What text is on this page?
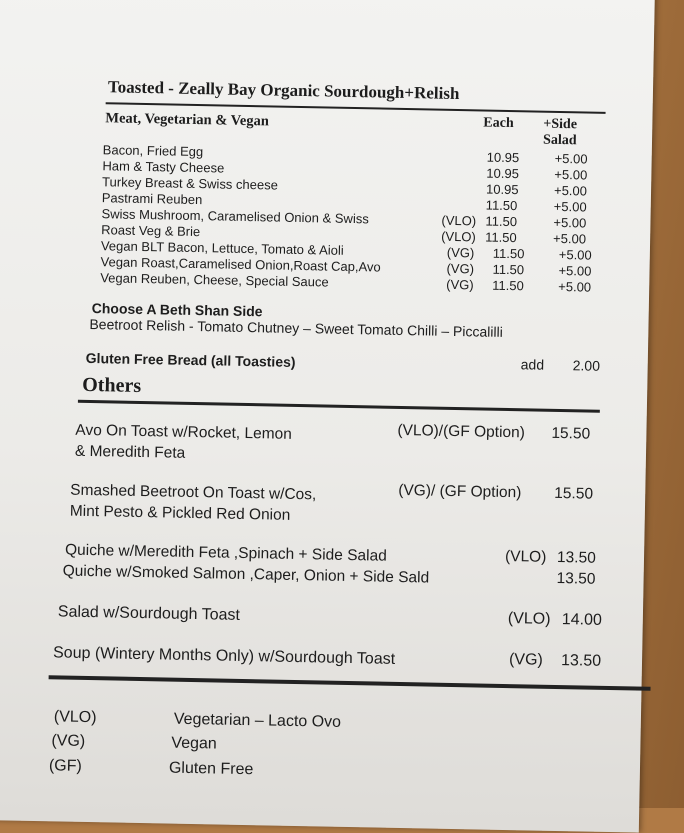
Toasted - Zeally Bay Organic Sourdough+Relish
Meat, Vegetarian & Vegan	Each +Side
Salad
Bacon, Fried Egg	10.95	+5.00
Ham & Tasty Cheese	10.95	+5.00
Turkey Breast & Swiss cheese	10.95	+5.00
Pastrami Reuben	11.50	+5.00
Swiss Mushroom, Caramelised Onion & Swiss	(VLO) 11.50	+5.00
Roast Veg & Brie	(VLO) 11.50	+5.00
Vegan BLT Bacon, Lettuce, Tomato & Aioli	(VG) 11.50	+5.00
Vegan Roast,Caramelised Onion,Roast Cap,Avo	(VG) 11.50	+5.00
Vegan Reuben, Cheese, Special Sauce	(VG) 11.50	+5.00
Choose A Beth Shan Side
Beetroot Relish - Tomato Chutney – Sweet Tomato Chilli – Piccalilli
Gluten Free Bread (all Toasties)	add 2.00
Others
Avo On Toast w/Rocket, Lemon
& Meredith Feta
(VLO)/(GF Option) 15.50
Smashed Beetroot On Toast w/Cos,
Mint Pesto & Pickled Red Onion
(VG)/ (GF Option) 15.50
Quiche w/Meredith Feta ,Spinach + Side Salad	(VLO) 13.50
Quiche w/Smoked Salmon ,Caper, Onion + Side Sald	13.50
Salad w/Sourdough Toast	(VLO) 14.00
Soup (Wintery Months Only) w/Sourdough Toast	(VG) 13.50
(VLO)	Vegetarian – Lacto Ovo
(VG)	Vegan
(GF)	Gluten Free
